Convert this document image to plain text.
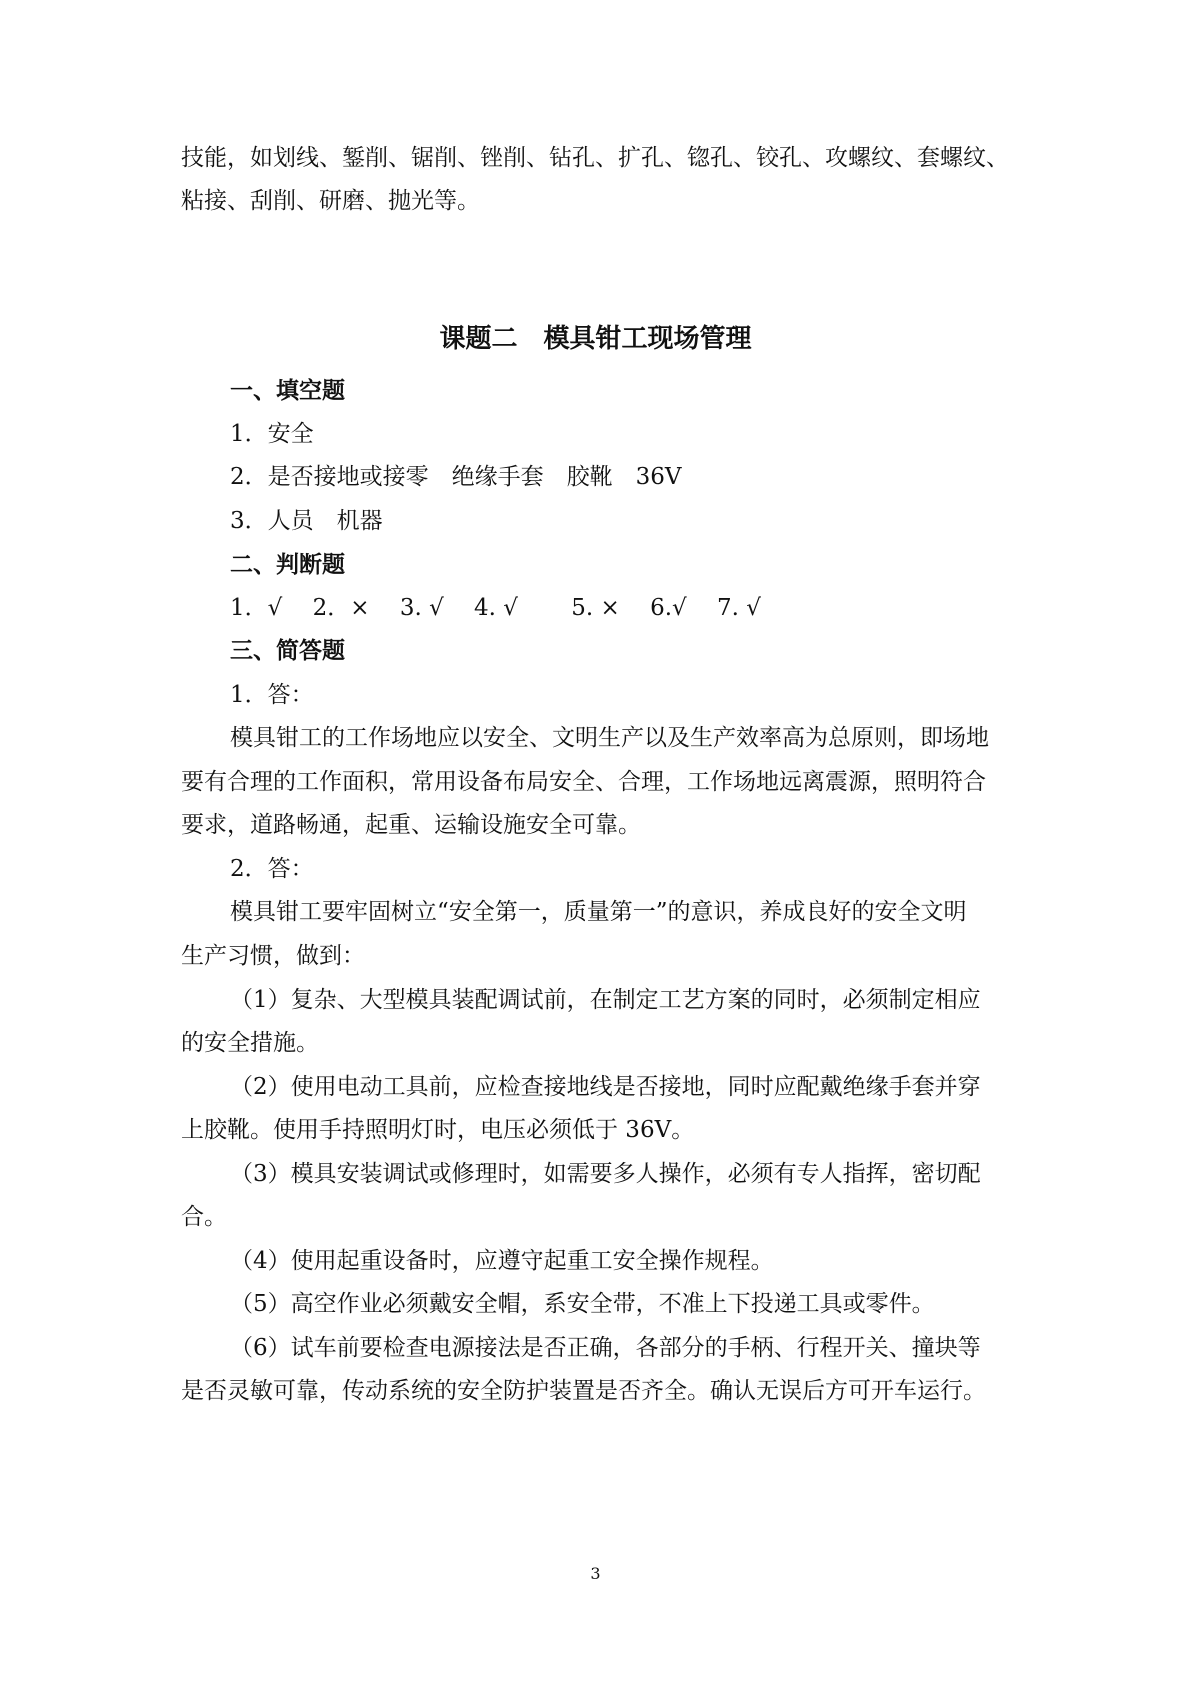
技能，如划线、錾削、锯削、锉削、钻孔、扩孔、锪孔、铰孔、攻螺纹、套螺纹、
粘接、刮削、研磨、抛光等。
课题二　模具钳工现场管理
一、填空题
1．安全
2．是否接地或接零　绝缘手套　胶靴　36V
3．人员　机器
二、判断题
1．√　 2．×　 3. √　 4. √　　 5. ×　 6.√　 7. √
三、简答题
1．答：
模具钳工的工作场地应以安全、文明生产以及生产效率高为总原则，即场地
要有合理的工作面积，常用设备布局安全、合理，工作场地远离震源，照明符合
要求，道路畅通，起重、运输设施安全可靠。
2．答：
模具钳工要牢固树立“安全第一，质量第一”的意识，养成良好的安全文明
生产习惯，做到：
（1）复杂、大型模具装配调试前，在制定工艺方案的同时，必须制定相应
的安全措施。
（2）使用电动工具前，应检查接地线是否接地，同时应配戴绝缘手套并穿
上胶靴。使用手持照明灯时，电压必须低于 36V。
（3）模具安装调试或修理时，如需要多人操作，必须有专人指挥，密切配
合。
（4）使用起重设备时，应遵守起重工安全操作规程。
（5）高空作业必须戴安全帽，系安全带，不准上下投递工具或零件。
（6）试车前要检查电源接法是否正确，各部分的手柄、行程开关、撞块等
是否灵敏可靠，传动系统的安全防护装置是否齐全。确认无误后方可开车运行。
3
